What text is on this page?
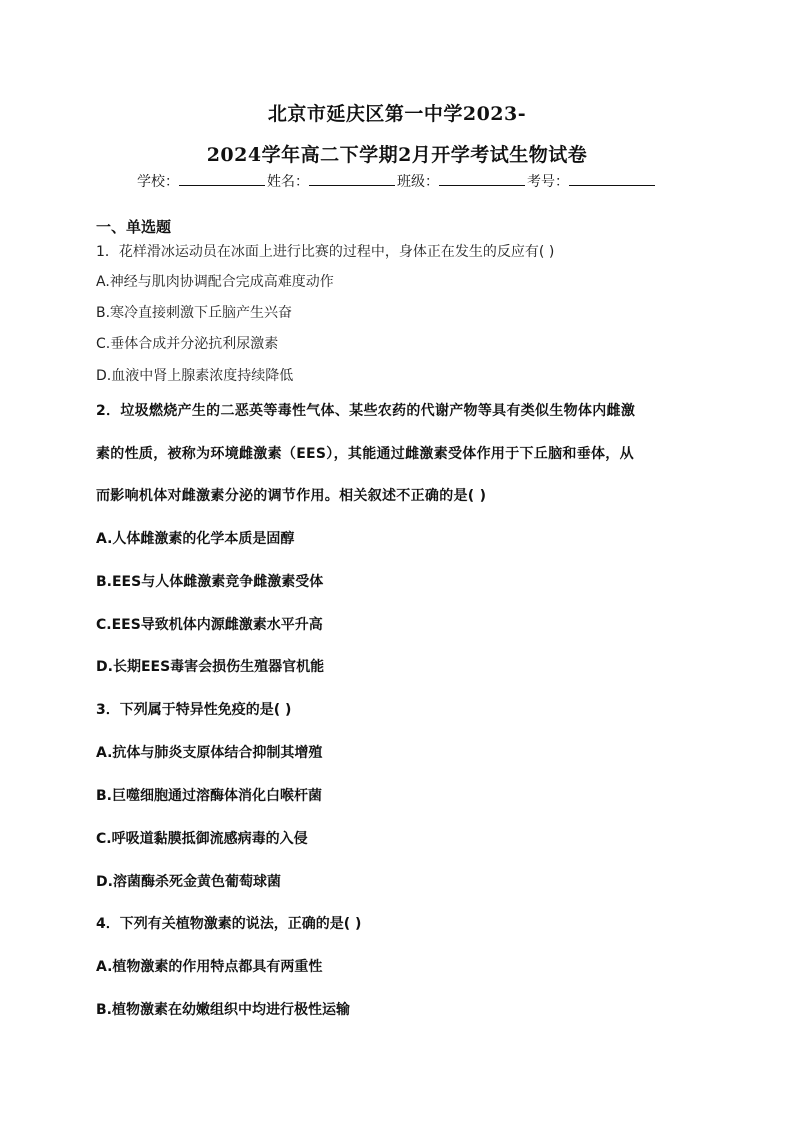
北京市延庆区第一中学2023-
2024学年高二下学期2月开学考试生物试卷
学校：	姓名：	班级：	考号：
一、单选题
1．花样滑冰运动员在冰面上进行比赛的过程中，身体正在发生的反应有( )
A.神经与肌肉协调配合完成高难度动作
B.寒冷直接刺激下丘脑产生兴奋
C.垂体合成并分泌抗利尿激素
D.血液中肾上腺素浓度持续降低
2．垃圾燃烧产生的二恶英等毒性气体、某些农药的代谢产物等具有类似生物体内雌激
素的性质，被称为环境雌激素（EES），其能通过雌激素受体作用于下丘脑和垂体，从
而影响机体对雌激素分泌的调节作用。相关叙述不正确的是( )
A.人体雌激素的化学本质是固醇
B.EES与人体雌激素竞争雌激素受体
C.EES导致机体内源雌激素水平升高
D.长期EES毒害会损伤生殖器官机能
3．下列属于特异性免疫的是( )
A.抗体与肺炎支原体结合抑制其增殖
B.巨噬细胞通过溶酶体消化白喉杆菌
C.呼吸道黏膜抵御流感病毒的入侵
D.溶菌酶杀死金黄色葡萄球菌
4．下列有关植物激素的说法，正确的是( )
A.植物激素的作用特点都具有两重性
B.植物激素在幼嫩组织中均进行极性运输
